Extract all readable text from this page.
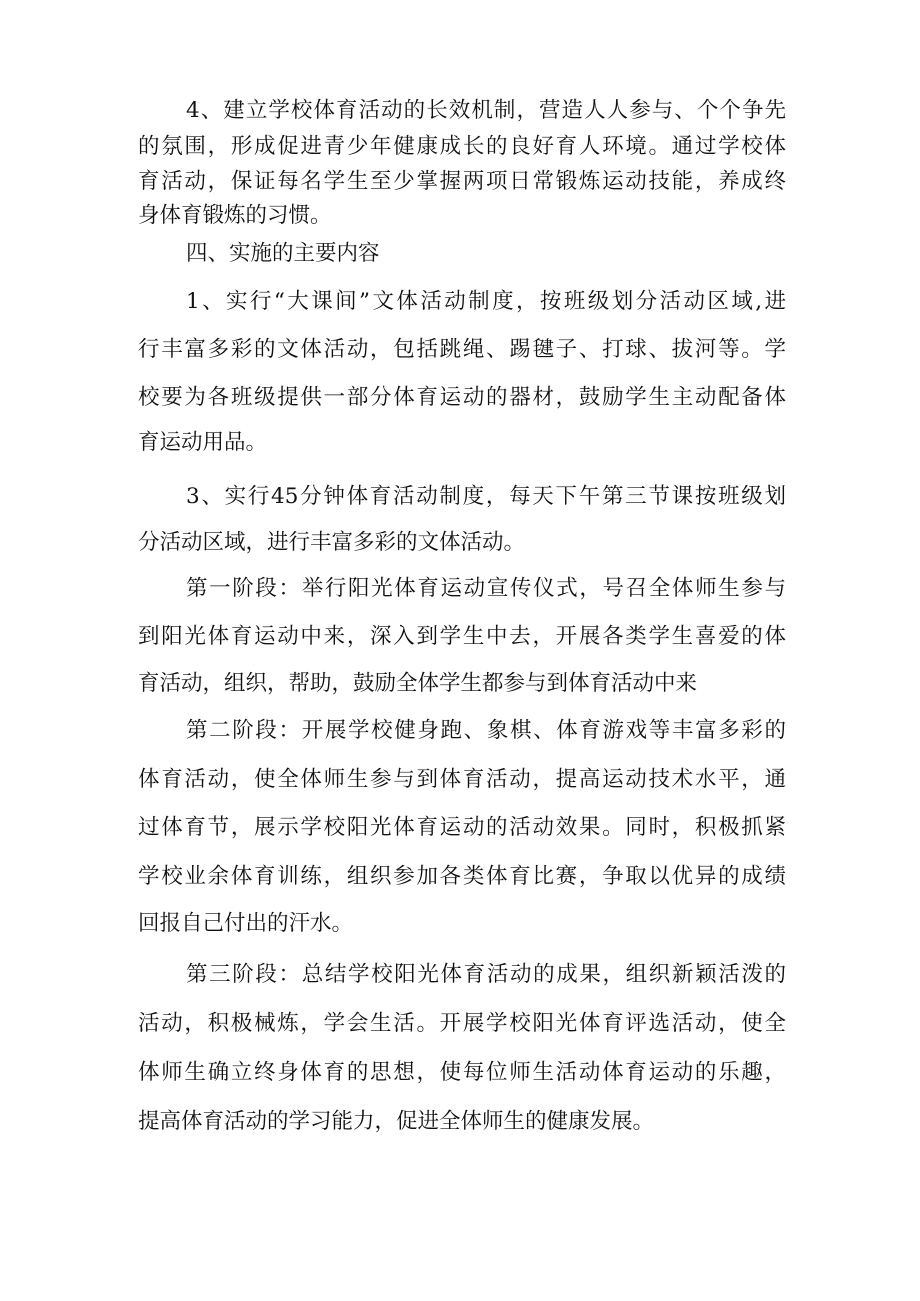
4、建立学校体育活动的长效机制，营造人人参与、个个争先
的氛围，形成促进青少年健康成长的良好育人环境。通过学校体
育活动，保证每名学生至少掌握两项日常锻炼运动技能，养成终
身体育锻炼的习惯。
四、实施的主要内容
1、实行“大课间”文体活动制度，按班级划分活动区域,进
行丰富多彩的文体活动，包括跳绳、踢毽子、打球、拔河等。学
校要为各班级提供一部分体育运动的器材，鼓励学生主动配备体
育运动用品。
3、实行45分钟体育活动制度，每天下午第三节课按班级划
分活动区域，进行丰富多彩的文体活动。
第一阶段：举行阳光体育运动宣传仪式，号召全体师生参与
到阳光体育运动中来，深入到学生中去，开展各类学生喜爱的体
育活动，组织，帮助，鼓励全体学生都参与到体育活动中来
第二阶段：开展学校健身跑、象棋、体育游戏等丰富多彩的
体育活动，使全体师生参与到体育活动，提高运动技术水平，通
过体育节，展示学校阳光体育运动的活动效果。同时，积极抓紧
学校业余体育训练，组织参加各类体育比赛，争取以优异的成绩
回报自己付出的汗水。
第三阶段：总结学校阳光体育活动的成果，组织新颖活泼的
活动，积极械炼，学会生活。开展学校阳光体育评选活动，使全
体师生确立终身体育的思想，使每位师生活动体育运动的乐趣，
提高体育活动的学习能力，促进全体师生的健康发展。
